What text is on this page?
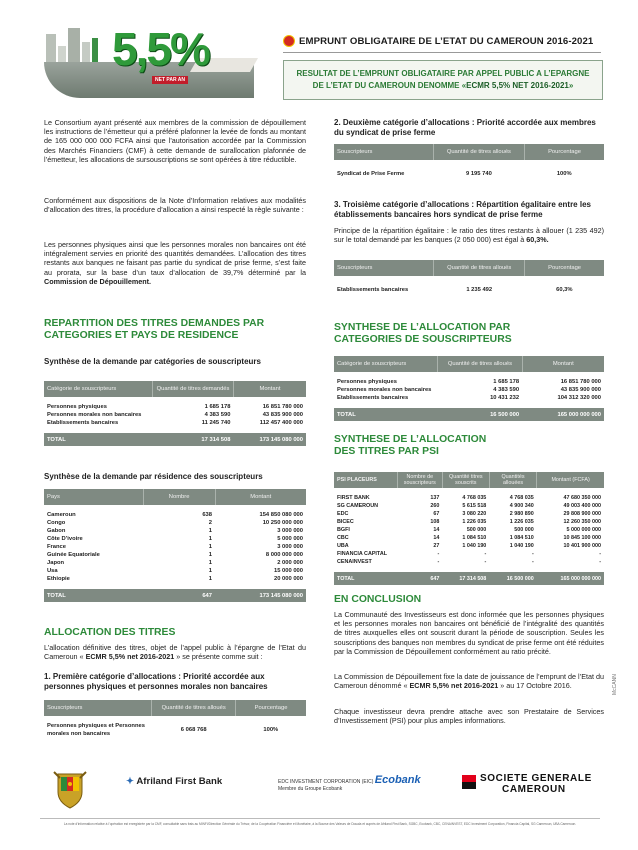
5,5%
NET PAR AN
EMPRUNT OBLIGATAIRE DE L’ETAT DU CAMEROUN 2016-2021
RESULTAT DE L’EMPRUNT OBLIGATAIRE PAR APPEL PUBLIC A L’EPARGNE
DE L’ETAT DU CAMEROUN DENOMME «ECMR 5,5% NET 2016-2021»
Le Consortium ayant présenté aux membres de la commission de dépouillement les instructions de l’émetteur qui a préféré plafonner la levée de fonds au montant de 165 000 000 000 FCFA ainsi que l’autorisation accordée par la Commission des Marchés Financiers (CMF) à cette demande de surallocation plafonnée de l’émetteur, les allocations de sursouscriptions se sont opérées à titre réductible.
Conformément aux dispositions de la Note d’Information relatives aux modalités d’allocation des titres, la procédure d’allocation a ainsi respecté la règle suivante :
Les personnes physiques ainsi que les personnes morales non bancaires ont été intégralement servies en priorité des quantités demandées. L’allocation des titres restants aux banques ne faisant pas partie du syndicat de prise ferme, s’est faite au prorata, sur la base d’un taux d’allocation de 39,7% déterminé par la Commission de Dépouillement.
REPARTITION DES TITRES DEMANDES PAR
CATEGORIES ET PAYS DE RESIDENCE
Synthèse de la demande par catégories de souscripteurs
Catégorie de souscripteurs	Quantité de titres demandés	Montant

Personnes physiques	1 685 178	16 851 780 000
Personnes morales non bancaires	4 383 590	43 835 900 000
Etablissements bancaires	11 245 740	112 457 400 000

TOTAL	17 314 508	173 145 080 000
Synthèse de la demande par résidence des souscripteurs
Pays	Nombre	Montant

Cameroun	638	154 850 080 000
Congo	2	10 250 000 000
Gabon	1	3 000 000
Côte D’ivoire	1	5 000 000
France	1	3 000 000
Guinée Equatoriale	1	8 000 000 000
Japon	1	2 000 000
Usa	1	15 000 000
Ethiopie	1	20 000 000

TOTAL	647	173 145 080 000
ALLOCATION DES TITRES
L’allocation définitive des titres, objet de l’appel public à l’épargne de l’Etat du Cameroun « ECMR 5,5% net 2016-2021 » se présente comme suit :
1. Première catégorie d’allocations : Priorité accordée aux personnes physiques et personnes morales non bancaires
Souscripteurs	Quantité de titres alloués	Pourcentage
Personnes physiques et Personnes morales non bancaires	6 068 768	100%
2. Deuxième catégorie d’allocations : Priorité accordée aux membres du syndicat de prise ferme
Souscripteurs	Quantité de titres alloués	Pourcentage
Syndicat de Prise Ferme	9 195 740	100%
3. Troisième catégorie d’allocations : Répartition égalitaire entre les établissements bancaires hors syndicat de prise ferme
Principe de la répartition égalitaire : le ratio des titres restants à allouer (1 235 492) sur le total demandé par les banques (2 050 000) est égal à 60,3%.
Souscripteurs	Quantité de titres alloués	Pourcentage
Etablissements bancaires	1 235 492	60,3%
SYNTHESE DE L’ALLOCATION PAR
CATEGORIES DE SOUSCRIPTEURS
Catégorie de souscripteurs	Quantité de titres alloués	Montant

Personnes physiques	1 685 178	16 851 780 000
Personnes morales non bancaires	4 383 590	43 835 900 000
Etablissements bancaires	10 431 232	104 312 320 000

TOTAL	16 500 000	165 000 000 000
SYNTHESE DE L’ALLOCATION
DES TITRES PAR PSI
PSI PLACEURS	Nombre de souscripteurs	Quantité titres souscrits	Quantités allouées	Montant (FCFA)

FIRST BANK	137	4 768 035	4 768 035	47 680 350 000
SG CAMEROUN	260	5 615 518	4 900 340	49 003 400 000
EDC	67	3 080 220	2 980 890	29 808 900 000
BICEC	108	1 226 035	1 226 035	12 260 350 000
BGFI	14	500 000	500 000	5 000 000 000
CBC	14	1 084 510	1 084 510	10 845 100 000
UBA	27	1 040 190	1 040 190	10 401 900 000
FINANCIA CAPITAL	-	-	-	-
CENAINVEST	-	-	-	-

TOTAL	647	17 314 508	16 500 000	165 000 000 000
EN CONCLUSION
La Communauté des Investisseurs est donc informée que les personnes physiques et les personnes morales non bancaires ont bénéficié de l’intégralité des quantités de titres auxquelles elles ont souscrit durant la période de souscription. Seules les souscriptions des banques non membres du syndicat de prise ferme ont été réduites par la Commission de Dépouillement conformément au ratio précité.
La Commission de Dépouillement fixe la date de jouissance de l’emprunt de l’Etat du Cameroun dénommé « ECMR 5,5% net 2016-2021 » au 17 Octobre 2016.
Chaque investisseur devra prendre attache avec son Prestataire de Services d’Investissement (PSI) pour plus amples informations.
McCANN
✦ Afriland First Bank	EDC INVESTMENT CORPORATION (EIC) Ecobank
Membre du Groupe Ecobank
SOCIETE GENERALE
CAMEROUN
La note d’information relative à l’opération est enregistrée par la CMF, consultable sans frais au MINFI/Direction Générale du Trésor, de la Coopération Financière et Monétaire, à la Bourse des Valeurs de Douala et auprès de Afriland First Bank, SGBC, Ecobank, CBC, CENAINVEST, EDC Investment Corporation, Financia Capital, SG Cameroun, UBA Cameroon.
